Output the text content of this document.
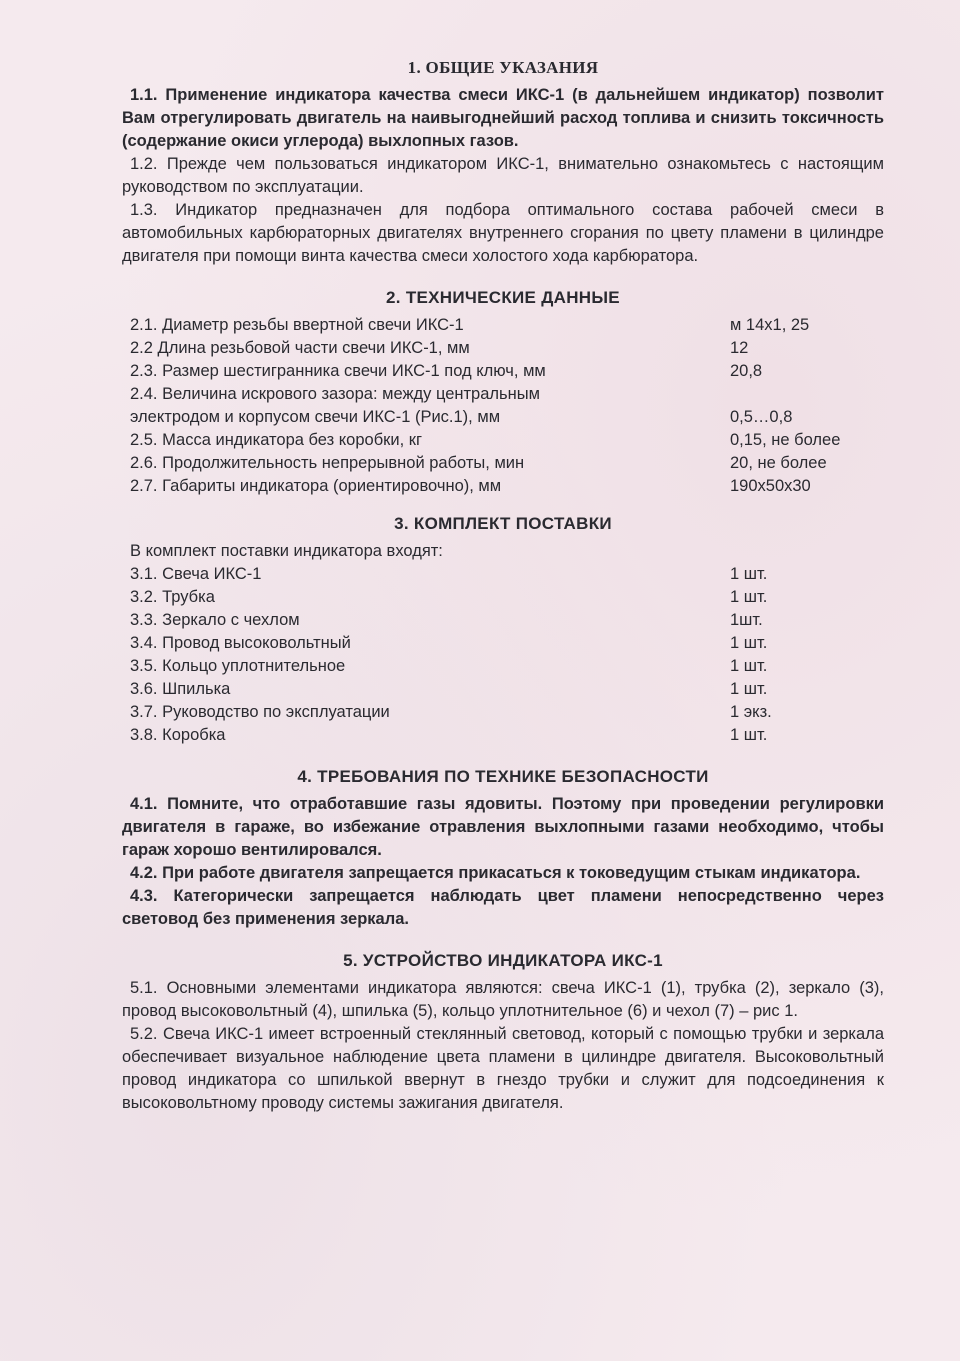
1. ОБЩИЕ УКАЗАНИЯ

1.1. Применение индикатора качества смеси ИКС-1 (в дальнейшем индикатор) позволит Вам отрегулировать двигатель на наивыгоднейший расход топлива и снизить токсичность (содержание окиси углерода) выхлопных газов.

1.2. Прежде чем пользоваться индикатором ИКС-1, внимательно ознакомьтесь с настоящим руководством по эксплуатации.

1.3. Индикатор предназначен для подбора оптимального состава рабочей смеси в автомобильных карбюраторных двигателях внутреннего сгорания по цвету пламени в цилиндре двигателя при помощи винта качества смеси холостого хода карбюратора.

2. ТЕХНИЧЕСКИЕ ДАННЫЕ
2.1. Диаметр резьбы ввертной свечи ИКС-1	м 14х1, 25
2.2 Длина резьбовой части свечи ИКС-1, мм	12
2.3. Размер шестигранника свечи ИКС-1 под ключ, мм	20,8
2.4. Величина искрового зазора: между центральным	
электродом и корпусом свечи ИКС-1 (Рис.1), мм	0,5…0,8
2.5. Масса индикатора без коробки, кг	0,15, не более
2.6. Продолжительность непрерывной работы, мин	20, не более
2.7. Габариты индикатора (ориентировочно), мм	190х50х30
3. КОМПЛЕКТ ПОСТАВКИ
В комплект поставки индикатора входят:
3.1. Свеча ИКС-1	1 шт.
3.2. Трубка	1 шт.
3.3. Зеркало с чехлом	1шт.
3.4. Провод высоковольтный	1 шт.
3.5. Кольцо уплотнительное	1 шт.
3.6. Шпилька	1 шт.
3.7. Руководство по эксплуатации	1 экз.
3.8. Коробка	1 шт.
4. ТРЕБОВАНИЯ ПО ТЕХНИКЕ БЕЗОПАСНОСТИ

4.1. Помните, что отработавшие газы ядовиты. Поэтому при проведении регулировки двигателя в гараже, во избежание отравления выхлопными газами необходимо, чтобы гараж хорошо вентилировался.

4.2. При работе двигателя запрещается прикасаться к токоведущим стыкам индикатора.

4.3. Категорически запрещается наблюдать цвет пламени непосредственно через световод без применения зеркала.

5. УСТРОЙСТВО ИНДИКАТОРА ИКС-1

5.1. Основными элементами индикатора являются: свеча ИКС-1 (1), трубка (2), зеркало (3), провод высоковольтный (4), шпилька (5), кольцо уплотнительное (6) и чехол (7) – рис 1.

5.2. Свеча ИКС-1 имеет встроенный стеклянный световод, который с помощью трубки и зеркала обеспечивает визуальное наблюдение цвета пламени в цилиндре двигателя. Высоковольтный провод индикатора со шпилькой ввернут в гнездо трубки и служит для подсоединения к высоковольтному проводу системы зажигания двигателя.
